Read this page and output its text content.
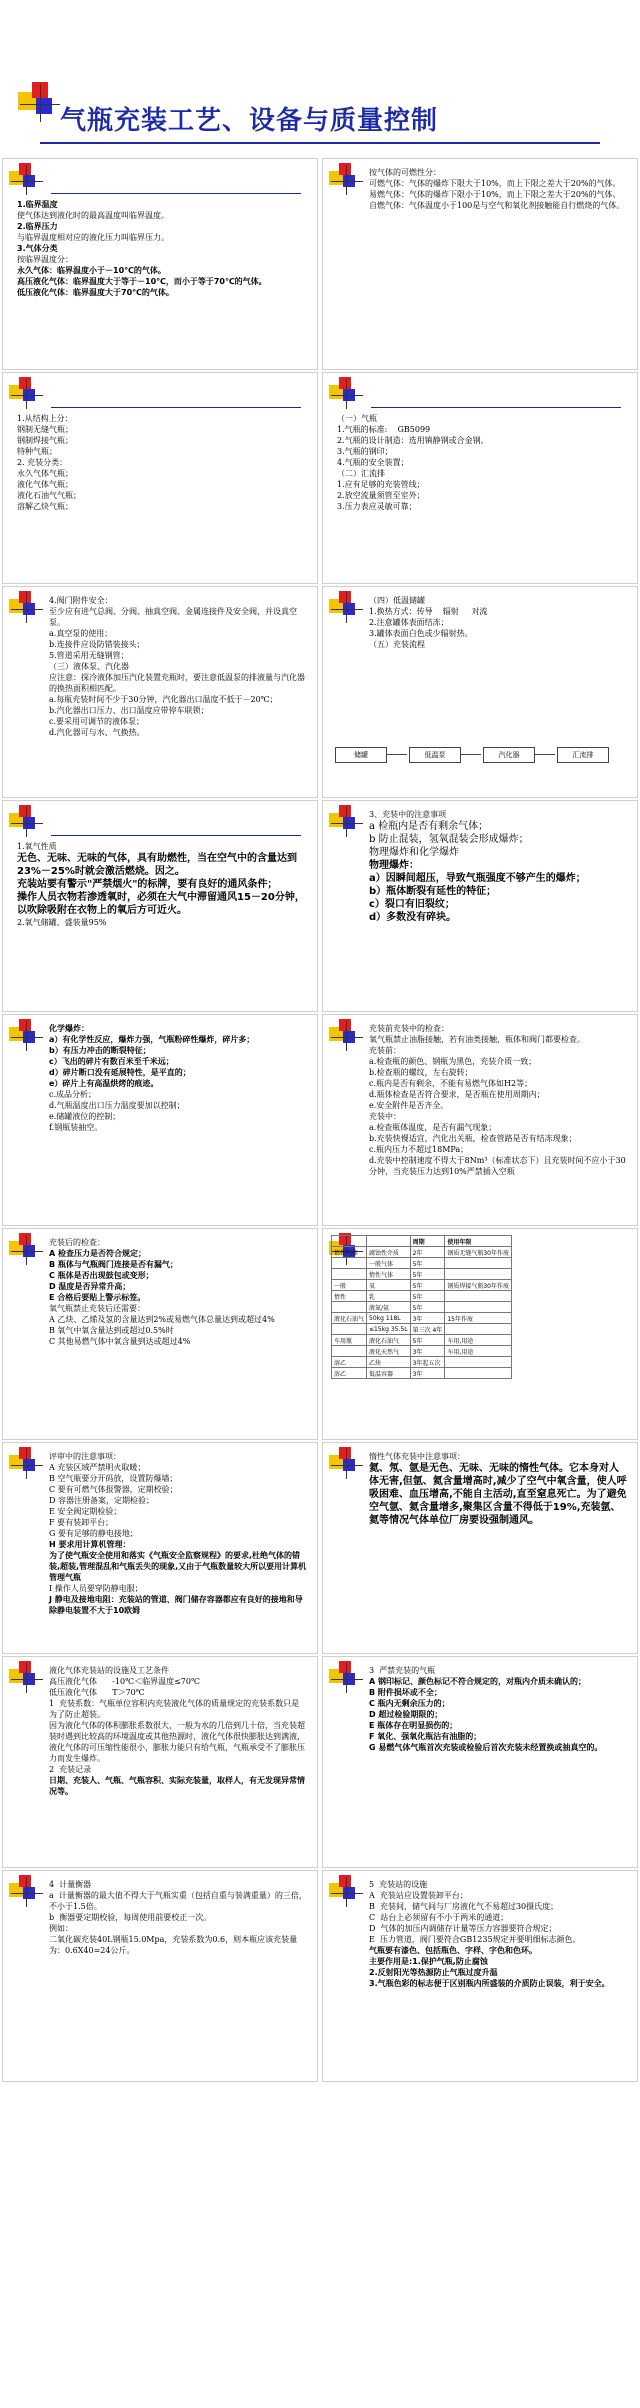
气瓶充装工艺、设备与质量控制
1.临界温度
使气体达到液化时的最高温度叫临界温度。
2.临界压力
与临界温度相对应的液化压力叫临界压力。
3.气体分类
按临界温度分：
永久气体：临界温度小于－10℃的气体。
高压液化气体：临界温度大于等于－10℃，而小于等于70℃的气体。
低压液化气体：临界温度大于70℃的气体。
按气体的可燃性分：
可燃气体：气体的爆炸下限大于10%，而上下限之差大于20%的气体。
易燃气体：气体的爆炸下限小于10%，而上下限之差大于20%的气体。
自燃气体：气体温度小于100是与空气和氧化剂接触能自行燃烧的气体。
1.从结构上分：
钢制无缝气瓶；
钢制焊接气瓶；
特种气瓶；
2. 充装分类：
永久气体气瓶；
液化气体气瓶；
液化石油气气瓶；
溶解乙炔气瓶；
（一）气瓶
1.气瓶的标准:    GB5099
2.气瓶的设计制造：选用镇静钢或合金钢。
3.气瓶的钢印；
4.气瓶的安全装置；
（二）汇流排
1.应有足够的充装管线；
2.放空流量须管至室外；
3.压力表应灵敏可靠；
4.阀门附件安全：
至少应有进气总阀、分阀、抽真空阀、金属连接件及安全阀，并设真空泵。
a.真空泵的使用；
b.连接件应设防错装接头；
5.管道采用无缝钢管；
（三）液体泵、汽化器
应注意：探冷液体加压汽化装置充瓶时，要注意低温泵的排液量与汽化器的换热面积相匹配。
a.每瓶充装时间不少于30分钟，汽化器出口温度不低于－20℃；
b.汽化器出口压力、出口温度应带停车联锁；
c.要采用可调节的液体泵；
d.汽化器可与水、气换热。
（四）低温储罐
1.换热方式：传导    辐射     对流
2.注意罐体表面结冻；
3.罐体表面白色或少辐射热。
（五）充装流程
储罐	低温泵	汽化器	汇流排
1.氧气性质
无色、无味、无味的气体，具有助燃性，当在空气中的含量达到23%－25%时就会激活燃烧。因之。
充装站要有警示"严禁烟火"的标牌，要有良好的通风条件；
操作人员衣物若渗透氧时，必须在大气中滞留通风15－20分钟，以吹除吸附在衣物上的氧后方可近火。
2.氧气储罐、盛装量95%
3、充装中的注意事项
a 检瓶内是否有剩余气体；
b 防止混装，氢氧混装会形成爆炸；
物理爆炸和化学爆炸
物理爆炸：
a）因瞬间超压，导致气瓶强度不够产生的爆炸；
b）瓶体断裂有延性的特征；
c）裂口有旧裂纹；
d）多数没有碎块。
化学爆炸：
a）有化学性反应，爆炸力强，气瓶粉碎性爆炸，碎片多；
b）有压力冲击的断裂特征；
c）飞出的碎片有数百米至千米远；
d）碎片断口没有延展特性，是平直的；
e）碎片上有高温烘烤的痕迹。
c.成品分析；
d.气瓶温度出口压力温度要加以控制；
e.储罐液位的控制；
f.钢瓶装抽空。
充装前充装中的检查：
氧气瓶禁止油脂接触，若有油类接触，瓶体和阀门都要检查。
充装前：
a.检查瓶的颜色、钢瓶为黑色，充装介质一致；
b.检查瓶的螺纹，左右旋转；
c.瓶内是否有剩余，不能有易燃气体如H2等；
d.瓶体检查是否符合要求，是否瓶在使用周期内；
e.安全附件是否齐全。
充装中：
a.检查瓶体温度，是否有漏气现象；
b.充装快慢适宜，汽化出关瓶，检查管路是否有结冻现象；
c.瓶内压力不超过18MPa；
d.充装中控制速度不得大于8Nm³（标准状态下）且充装时间不应小于30分钟，当充装压力达到10%严禁插入空瓶
充装后的检查：
A 检查压力是否符合规定；
B 瓶体与气瓶阀门连接是否有漏气；
C 瓶体是否出现鼓包或变形；
D 温度是否异常升高；
E 合格后要贴上警示标签。
氧气瓶禁止充装后还需要：
A 乙炔、乙烯及氢的含量达到2%或易燃气体总量达到或超过4%
B 氧气中氧含量达到或超过0.5%时
C 其他易燃气体中氧含量到达或超过4%
		周期	使用年限
惰性气体	腐蚀性介质	2年	钢质无缝气瓶30年作废
	一般气体	5年	
	惰性气体	5年	
一般	氧	5年	钢质焊接气瓶30年作废
惰性	乳	5年	
	液氮/氩	5年	
液化石油气	50kg 118L	3年	15年作废
	≤15kg 35.5L	第三次 4年	
车用瓶	液化石油气	5年	车用,用途
	液化天然气	3年	车用,用途
溶乙	乙炔	3年起五次	
溶乙	低温容器	3年	
评审中的注意事项：
A 充装区域严禁明火取暖；
B 空气瓶要分开码放，设置防爆墙；
C 要有可燃气体报警器，定期校验；
D 容器注册备案，定期检验；
E 安全阀定期检验；
F 要有装卸平台；
G 要有足够的静电接地；
H 要求用计算机管理：
为了使气瓶安全使用和落实《气瓶安全监察规程》的要求,杜绝气体的错装,超装,管理混乱和气瓶丢失的现象,又由于气瓶数量较大所以要用计算机管理气瓶
I 操作人员要穿防静电服；
J 静电及接地电阻：充装站的管道、阀门储存容器都应有良好的接地和导除静电装置不大于10欧姆
惰性气体充装中注意事项：
氦、氖、氩是无色、无味、无味的惰性气体。它本身对人体无害,但氩、氦含量增高时,减少了空气中氧含量，使人呼吸困难、血压增高,不能自主活动,直至窒息死亡。为了避免空气氩、氦含量增多,聚集区含量不得低于19%,充装氩、氦等情况气体单位厂房要设强制通风。
液化气体充装站的设施及工艺条件
高压液化气体      -10℃＜临界温度≤70℃
低压液化气体      T＞70℃
1  充装系数：气瓶单位容积内充装液化气体的质量规定的充装系数只是为了防止超装。
因为液化气体的体积膨胀系数很大，一般为水的几倍到几十倍，当充装超装时遇到比较高的环境温度或其他热源时，液化气体很快膨胀达到满液，液化气体的可压缩性能很小，膨胀力能只有给气瓶，气瓶承受不了膨胀压力而发生爆炸。
2  充装记录
日期、充装人、气瓶、气瓶容积、实际充装量，取样人，有无发现异常情况等。
3  严禁充装的气瓶
A 钢印标记、颜色标记不符合规定的，对瓶内介质未确认的；
B 附件损坏或不全；
C 瓶内无剩余压力的；
D 超过检验期限的；
E 瓶体存在明显损伤的；
F 氧化、强氧化瓶沾有油脂的；
G 易燃气体气瓶首次充装或检验后首次充装未经置换或抽真空的。
4  计量衡器
a  计量衡器的最大值不得大于气瓶实重（包括自重与装满重量）的三倍，不小于1.5倍。
b  衡器要定期校验，每周使用前要校正一次。
例如：
二氧化碳充装40L钢瓶15.0Mpa，充装系数为0.6，则本瓶应该充装量为：0.6X40=24公斤。
5  充装站的设施
A  充装站应设置装卸平台；
B  充装间，储气间与厂房液化气不易超过30摄氏度；
C  站台上必须留有不小于两米的通道；
D  气体的加压内调储存计量等压力容器要符合规定；
E  压力管道，阀门要符合GB1235规定并要明细标志颜色。
气瓶要有漆色、包括瓶色、字样、字色和色环。
主要作用是:1.保护气瓶,防止腐蚀
2.反射阳光等热源防止气瓶过度升温
3.气瓶色彩的标志便于区别瓶内所盛装的介质防止误装，利于安全。
